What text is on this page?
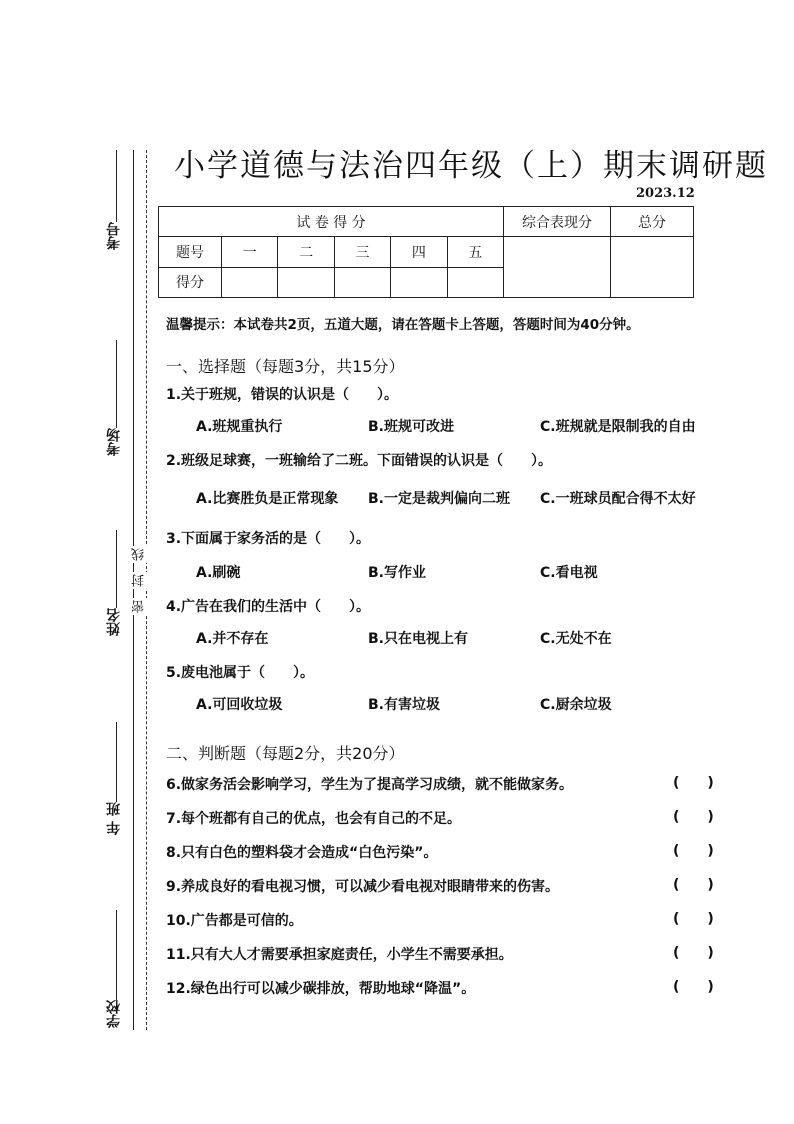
考号
考场
姓名
年 班
学校
密
封
线
小学道德与法治四年级（上）期末调研题
2023.12
试 卷 得 分						综合表现分	总分
题号	一	二	三	四	五		
得分							
温馨提示：本试卷共2页，五道大题，请在答题卡上答题，答题时间为40分钟。
一、选择题（每题3分，共15分）
1.关于班规，错误的认识是（　　）。
A.班规重执行	B.班规可改进	C.班规就是限制我的自由
2.班级足球赛，一班输给了二班。下面错误的认识是（　　）。
A.比赛胜负是正常现象 B.一定是裁判偏向二班 C.一班球员配合得不太好
3.下面属于家务活的是（　　）。
A.刷碗	B.写作业	C.看电视
4.广告在我们的生活中（　　）。
A.并不存在	B.只在电视上有	C.无处不在
5.废电池属于（　　）。
A.可回收垃圾	B.有害垃圾	C.厨余垃圾
二、判断题（每题2分，共20分）
6.做家务活会影响学习，学生为了提高学习成绩，就不能做家务。	(　　)
7.每个班都有自己的优点，也会有自己的不足。	(　　)
8.只有白色的塑料袋才会造成“白色污染”。	(　　)
9.养成良好的看电视习惯，可以减少看电视对眼睛带来的伤害。	(　　)
10.广告都是可信的。	(　　)
11.只有大人才需要承担家庭责任，小学生不需要承担。	(　　)
12.绿色出行可以减少碳排放，帮助地球“降温”。	(　　)
